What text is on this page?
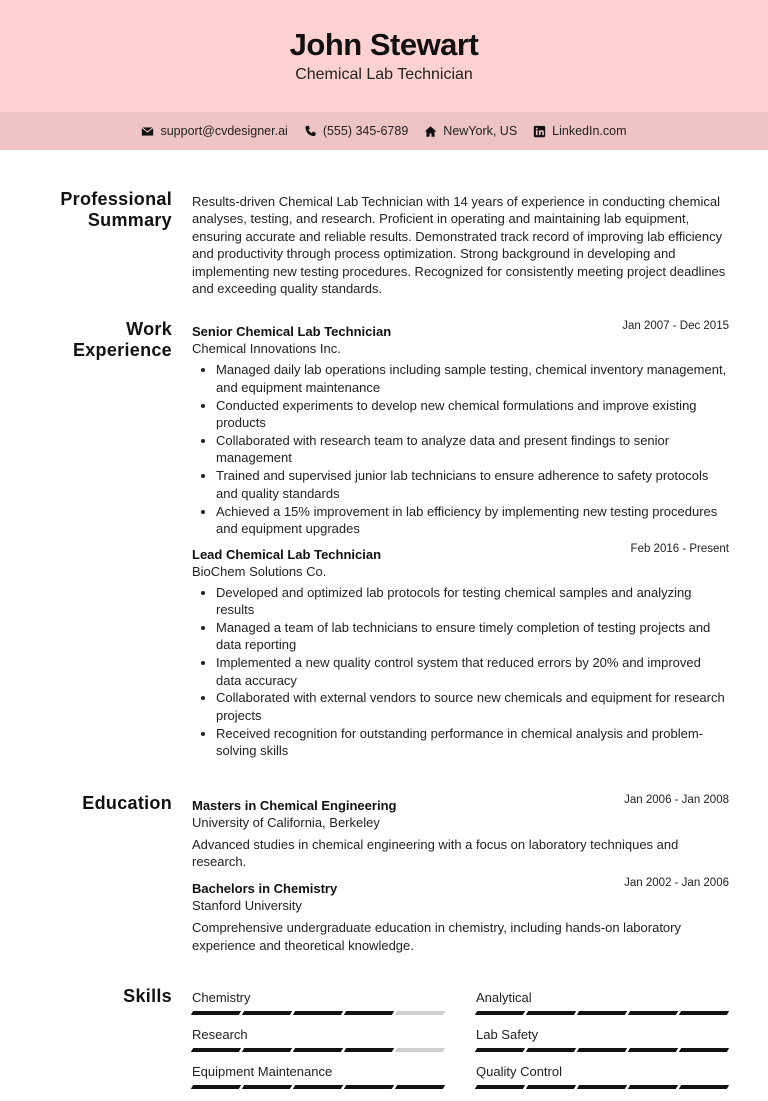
John Stewart
Chemical Lab Technician
support@cvdesigner.ai	(555) 345-6789	NewYork, US	LinkedIn.com
Professional Summary
Results-driven Chemical Lab Technician with 14 years of experience in conducting chemical analyses, testing, and research. Proficient in operating and maintaining lab equipment, ensuring accurate and reliable results. Demonstrated track record of improving lab efficiency and productivity through process optimization. Strong background in developing and implementing new testing procedures. Recognized for consistently meeting project deadlines and exceeding quality standards.
Work Experience
Senior Chemical Lab Technician	Jan 2007 - Dec 2015
Chemical Innovations Inc.
• Managed daily lab operations including sample testing, chemical inventory management, and equipment maintenance
• Conducted experiments to develop new chemical formulations and improve existing products
• Collaborated with research team to analyze data and present findings to senior management
• Trained and supervised junior lab technicians to ensure adherence to safety protocols and quality standards
• Achieved a 15% improvement in lab efficiency by implementing new testing procedures and equipment upgrades
Lead Chemical Lab Technician	Feb 2016 - Present
BioChem Solutions Co.
• Developed and optimized lab protocols for testing chemical samples and analyzing results
• Managed a team of lab technicians to ensure timely completion of testing projects and data reporting
• Implemented a new quality control system that reduced errors by 20% and improved data accuracy
• Collaborated with external vendors to source new chemicals and equipment for research projects
• Received recognition for outstanding performance in chemical analysis and problem-solving skills
Education Masters in Chemical Engineering	Jan 2006 - Jan 2008
University of California, Berkeley
Advanced studies in chemical engineering with a focus on laboratory techniques and research.
Bachelors in Chemistry	Jan 2002 - Jan 2006
Stanford University
Comprehensive undergraduate education in chemistry, including hands-on laboratory experience and theoretical knowledge.
Skills Chemistry	Analytical
Research	Lab Safety
Equipment Maintenance	Quality Control
